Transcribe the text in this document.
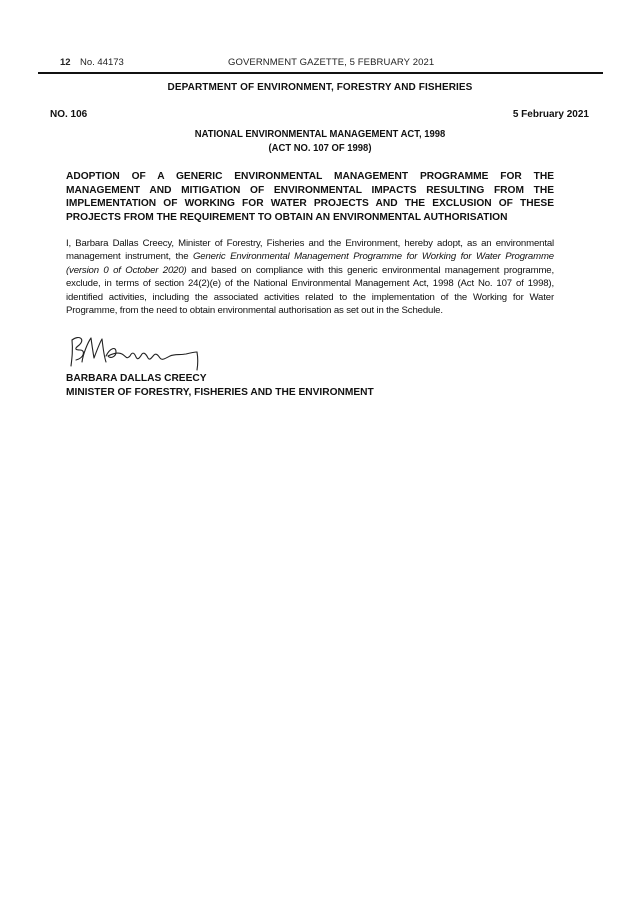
12 No. 44173	GOVERNMENT GAZETTE, 5 FEBRUARY 2021
DEPARTMENT OF ENVIRONMENT, FORESTRY AND FISHERIES
NO. 106	5 February 2021
NATIONAL ENVIRONMENTAL MANAGEMENT ACT, 1998
(ACT NO. 107 OF 1998)
ADOPTION OF A GENERIC ENVIRONMENTAL MANAGEMENT PROGRAMME FOR THE MANAGEMENT AND MITIGATION OF ENVIRONMENTAL IMPACTS RESULTING FROM THE IMPLEMENTATION OF WORKING FOR WATER PROJECTS AND THE EXCLUSION OF THESE PROJECTS FROM THE REQUIREMENT TO OBTAIN AN ENVIRONMENTAL AUTHORISATION
I, Barbara Dallas Creecy, Minister of Forestry, Fisheries and the Environment, hereby adopt, as an environmental management instrument, the Generic Environmental Management Programme for Working for Water Programme (version 0 of October 2020) and based on compliance with this generic environmental management programme, exclude, in terms of section 24(2)(e) of the National Environmental Management Act, 1998 (Act No. 107 of 1998), identified activities, including the associated activities related to the implementation of the Working for Water Programme, from the need to obtain environmental authorisation as set out in the Schedule.
BARBARA DALLAS CREECY
MINISTER OF FORESTRY, FISHERIES AND THE ENVIRONMENT
